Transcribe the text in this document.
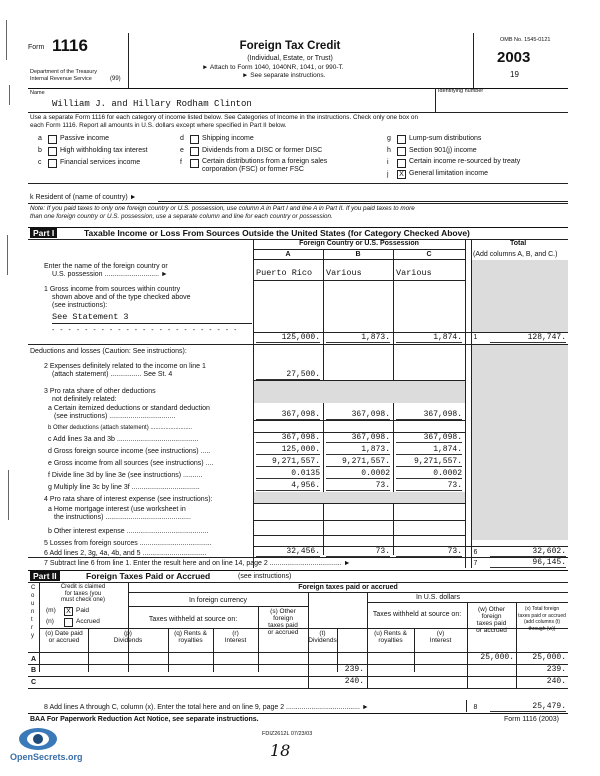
Form 1116
Department of the Treasury
Internal Revenue Service	(99)
Foreign Tax Credit
(Individual, Estate, or Trust)
► Attach to Form 1040, 1040NR, 1041, or 990-T.
► See separate instructions.
OMB No. 1545-0121
2003
19
Name	Identifying number
William J. and Hillary Rodham Clinton
Use a separate Form 1116 for each category of income listed below. See Categories of Income in the instructions. Check only one box on
each Form 1116. Report all amounts in U.S. dollars except where specified in Part II below.
a	Passive income
b	High withholding tax interest
c	Financial services income
d	Shipping income
e	Dividends from a DISC or former DISC
f	Certain distributions from a foreign sales
corporation (FSC) or former FSC
g	Lump-sum distributions
h	Section 901(j) income
i	Certain income re-sourced by treaty
j	X General limitation income
k Resident of (name of country) ►
Note: If you paid taxes to only one foreign country or U.S. possession, use column A in Part I and line A in Part II. If you paid taxes to more
than one foreign country or U.S. possession, use a separate column and line for each country or possession.
Part I	Taxable Income or Loss From Sources Outside the United States (for Category Checked Above)
Foreign Country or U.S. Possession	Total
A	B	C	(Add columns A, B, and C.)
Enter the name of the foreign country or
U.S. possession ............................ ►	Puerto Rico Various	Various
1 Gross income from sources within country
shown above and of the type checked above
(see instructions):
See Statement 3
- - - - - - - - - - - - - - - - - - - - - - -
125,000.	1,873.	1,874. 1	128,747.
Deductions and losses (Caution: See instructions):
2 Expenses definitely related to the income on line 1
(attach statement) ................ See St. 4	27,500.
3 Pro rata share of other deductions
not definitely related:
a Certain itemized deductions or standard deduction
(see instructions) ..................................	367,098.	367,098.	367,098.
b Other deductions (attach statement) .........................
c Add lines 3a and 3b ..........................................	367,098.	367,098.	367,098.
d Gross foreign source income (see instructions) .....	125,000.	1,873.	1,874.
e Gross income from all sources (see instructions) ....	9,271,557.	9,271,557.	9,271,557.
f Divide line 3d by line 3e (see instructions) ..........	0.0135	0.0002	0.0002
g Multiply line 3c by line 3f ...................................	4,956.	73.	73.
4 Pro rata share of interest expense (see instructions):
a Home mortgage interest (use worksheet in
the instructions) ............................................
b Other interest expense ..........................................
5 Losses from foreign sources .....................................
6 Add lines 2, 3g, 4a, 4b, and 5 .................................	32,456.	73.	73. 6	32,602.
7 Subtract line 6 from line 1. Enter the result here and on line 14, page 2 ..................................... ►	7	96,145.
Part II	Foreign Taxes Paid or Accrued	(see instructions)
C
o
u
n
t
r
y
Credit is claimed
for taxes (you
must check one)
(m)	X Paid
(n)	Accrued
Foreign taxes paid or accrued
In foreign currency	In U.S. dollars
Taxes withheld at source on:
Taxes withheld at source on:
(s) Other
foreign
taxes paid
or accrued
(w) Other
foreign
taxes paid
or accrued
(x) Total foreign
taxes paid or accrued
(add columns (t)
through (w))
(o) Date paid
or accrued
(p)
Dividends
(q) Rents &
royalties
(r)
Interest
(t)
Dividends
(u) Rents &
royalties
(v)
Interest
A	25,000.	25,000.
B	239.	239.
C	240.	240.
8 Add lines A through C, column (x). Enter the total here and on line 9, page 2 ...................................... ►	8	25,479.
BAA For Paperwork Reduction Act Notice, see separate instructions.	Form 1116 (2003)
FDIZ2612L 07/23/03
18
OpenSecrets.org
